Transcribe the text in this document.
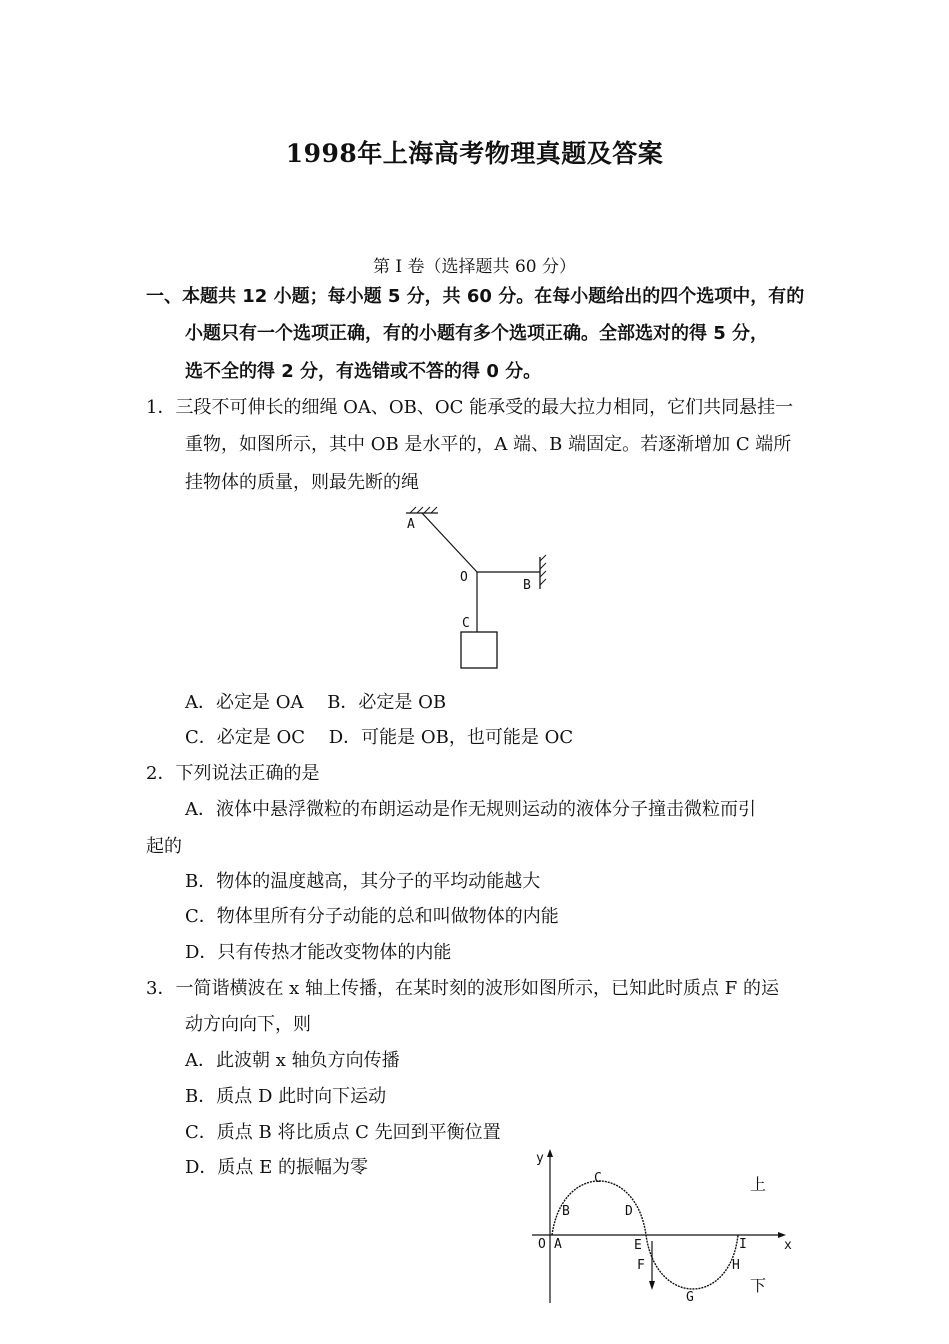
1998年上海高考物理真题及答案
第 I 卷（选择题共 60 分）
一、本题共 12 小题；每小题 5 分，共 60 分。在每小题给出的四个选项中，有的
小题只有一个选项正确，有的小题有多个选项正确。全部选对的得 5 分，
选不全的得 2 分，有选错或不答的得 0 分。
1．三段不可伸长的细绳 OA、OB、OC 能承受的最大拉力相同，它们共同悬挂一
重物，如图所示，其中 OB 是水平的，A 端、B 端固定。若逐渐增加 C 端所
挂物体的质量，则最先断的绳
A
O
B
C
A．必定是 OA　 B．必定是 OB
C．必定是 OC　 D．可能是 OB，也可能是 OC
2．下列说法正确的是
A．液体中悬浮微粒的布朗运动是作无规则运动的液体分子撞击微粒而引
起的
B．物体的温度越高，其分子的平均动能越大
C．物体里所有分子动能的总和叫做物体的内能
D．只有传热才能改变物体的内能
3．一简谐横波在 x 轴上传播，在某时刻的波形如图所示，已知此时质点 F 的运
动方向向下，则
A．此波朝 x 轴负方向传播
B．质点 D 此时向下运动
C．质点 B 将比质点 C 先回到平衡位置
D．质点 E 的振幅为零	y
x
O A
B
C
D
E
F
G
H
I
上
下
